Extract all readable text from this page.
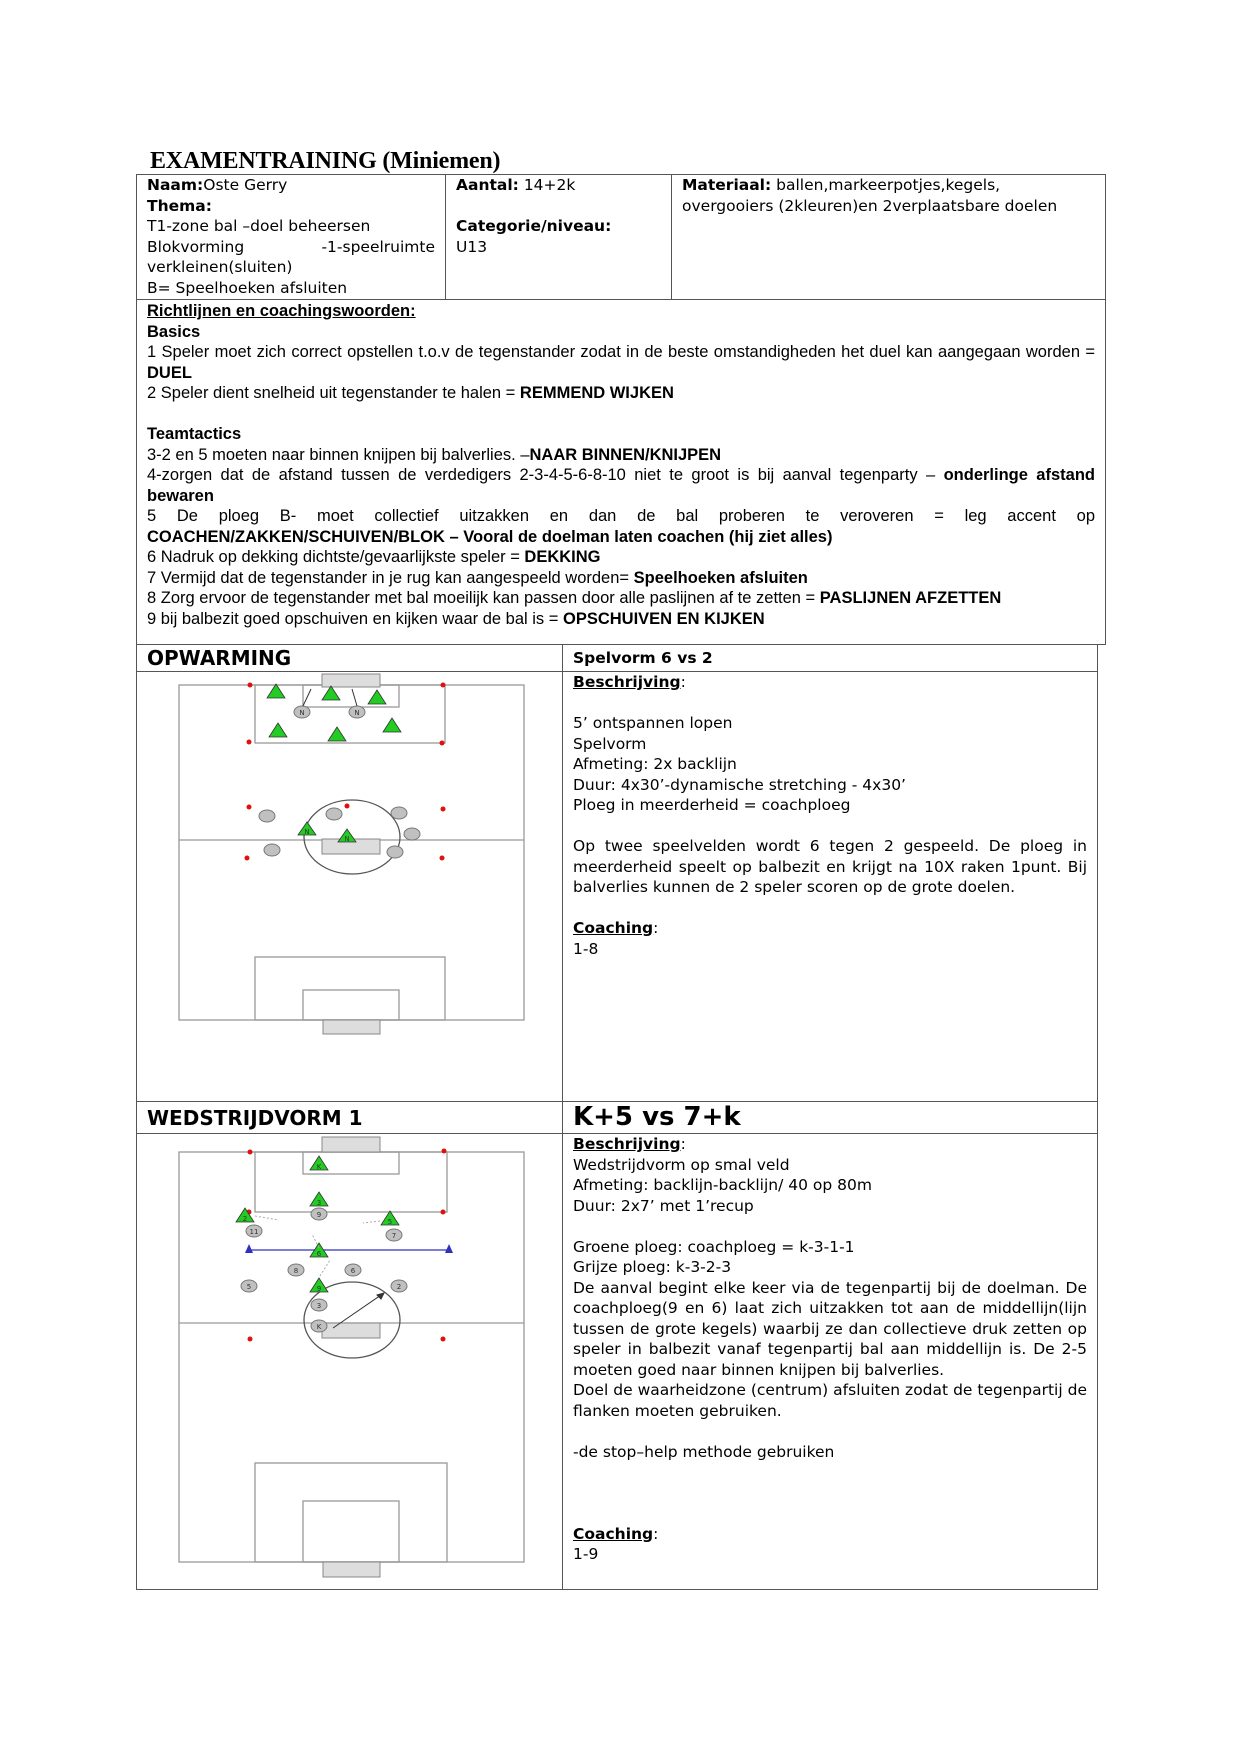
EXAMENTRAINING (Miniemen)
Naam:Oste Gerry
Thema:
T1-zone bal –doel beheersen
Blokvorming            -1-speelruimte
verkleinen(sluiten)
B= Speelhoeken afsluiten
Aantal: 14+2k

Categorie/niveau:
U13
Materiaal: ballen,markeerpotjes,kegels, overgooiers (2kleuren)en 2verplaatsbare doelen
Richtlijnen en coachingswoorden:
Basics
1 Speler moet zich correct opstellen t.o.v de tegenstander zodat in de beste omstandigheden het duel kan aangegaan worden = DUEL
2 Speler dient snelheid uit tegenstander te halen = REMMEND WIJKEN

Teamtactics
3-2 en 5 moeten naar binnen knijpen bij balverlies. –NAAR BINNEN/KNIJPEN
4-zorgen dat de afstand tussen de verdedigers 2-3-4-5-6-8-10 niet te groot is bij aanval tegenparty – onderlinge afstand bewaren
5 De ploeg B- moet collectief uitzakken en dan de bal proberen te veroveren = leg accent op COACHEN/ZAKKEN/SCHUIVEN/BLOK – Vooral de doelman laten coachen (hij ziet alles)
6 Nadruk op dekking dichtste/gevaarlijkste speler = DEKKING
7 Vermijd dat de tegenstander in je rug kan aangespeeld worden= Speelhoeken afsluiten
8 Zorg ervoor de tegenstander met bal moeilijk kan passen door alle paslijnen af te zetten = PASLIJNEN AFZETTEN
9 bij balbezit goed opschuiven en kijken waar de bal is = OPSCHUIVEN EN KIJKEN
OPWARMING	Spelvorm 6 vs 2
N	N
N
N
Beschrijving:

5’ ontspannen lopen
Spelvorm
Afmeting: 2x backlijn
Duur: 4x30’-dynamische stretching - 4x30’
Ploeg in meerderheid = coachploeg

Op twee speelvelden wordt 6 tegen 2 gespeeld. De ploeg in meerderheid speelt op balbezit en krijgt na 10X raken 1punt. Bij balverlies kunnen de 2 speler scoren op de grote doelen.

Coaching:
1-8
WEDSTRIJDVORM 1	K+5 vs 7+k
K
3
2	5
6
9
9
11	7
8	6
5	2
3
K
Beschrijving:
Wedstrijdvorm op smal veld
Afmeting: backlijn-backlijn/ 40 op 80m
Duur: 2x7’ met 1’recup

Groene ploeg: coachploeg = k-3-1-1
Grijze ploeg: k-3-2-3
De aanval begint elke keer via de tegenpartij bij de doelman. De coachploeg(9 en 6) laat zich uitzakken tot aan de middellijn(lijn tussen de grote kegels) waarbij ze dan collectieve druk zetten op speler in balbezit vanaf tegenpartij bal aan middellijn is. De 2-5 moeten goed naar binnen knijpen bij balverlies.
Doel de waarheidzone (centrum) afsluiten zodat de tegenpartij de flanken moeten gebruiken.

-de stop–help methode gebruiken

Coaching:
1-9
